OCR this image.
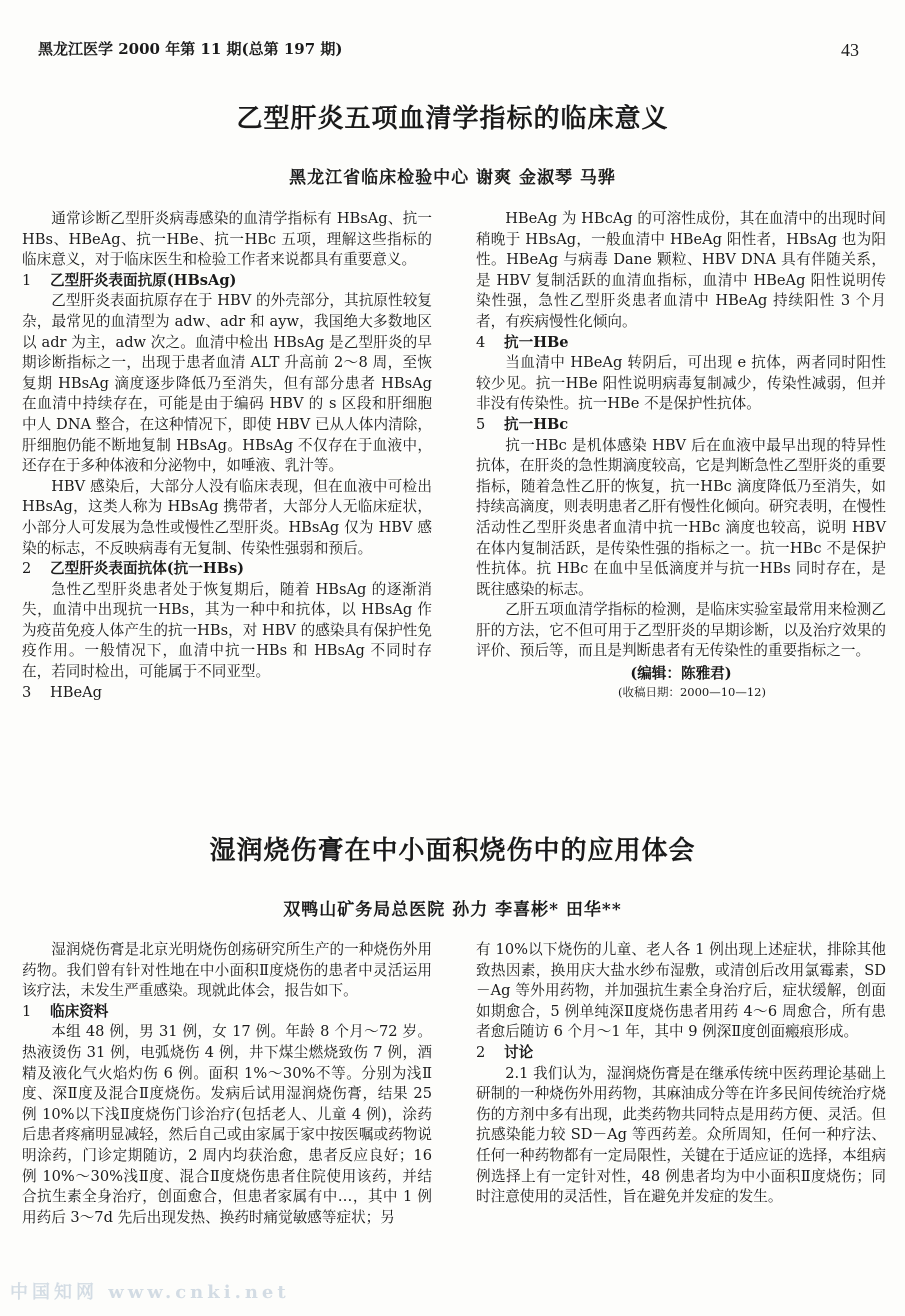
黑龙江医学 2000 年第 11 期(总第 197 期)	43
乙型肝炎五项血清学指标的临床意义
黑龙江省临床检验中心 谢爽 金淑琴 马骅

通常诊断乙型肝炎病毒感染的血清学指标有 HBsAg、抗一HBs、HBeAg、抗一HBe、抗一HBc 五项，理解这些指标的临床意义，对于临床医生和检验工作者来说都具有重要意义。

1 乙型肝炎表面抗原(HBsAg)

乙型肝炎表面抗原存在于 HBV 的外壳部分，其抗原性较复杂，最常见的血清型为 adw、adr 和 ayw，我国绝大多数地区以 adr 为主，adw 次之。血清中检出 HBsAg 是乙型肝炎的早期诊断指标之一，出现于患者血清 ALT 升高前 2～8 周，至恢复期 HBsAg 滴度逐步降低乃至消失，但有部分患者 HBsAg 在血清中持续存在，可能是由于编码 HBV 的 s 区段和肝细胞中人 DNA 整合，在这种情况下，即使 HBV 已从人体内清除，肝细胞仍能不断地复制 HBsAg。HBsAg 不仅存在于血液中，还存在于多种体液和分泌物中，如唾液、乳汁等。

HBV 感染后，大部分人没有临床表现，但在血液中可检出 HBsAg，这类人称为 HBsAg 携带者，大部分人无临床症状，小部分人可发展为急性或慢性乙型肝炎。HBsAg 仅为 HBV 感染的标志，不反映病毒有无复制、传染性强弱和预后。

2 乙型肝炎表面抗体(抗一HBs)

急性乙型肝炎患者处于恢复期后，随着 HBsAg 的逐渐消失，血清中出现抗一HBs，其为一种中和抗体，以 HBsAg 作为疫苗免疫人体产生的抗一HBs，对 HBV 的感染具有保护性免疫作用。一般情况下，血清中抗一HBs 和 HBsAg 不同时存在，若同时检出，可能属于不同亚型。

3 HBeAg

HBeAg 为 HBcAg 的可溶性成份，其在血清中的出现时间稍晚于 HBsAg，一般血清中 HBeAg 阳性者，HBsAg 也为阳性。HBeAg 与病毒 Dane 颗粒、HBV DNA 具有伴随关系，是 HBV 复制活跃的血清血指标，血清中 HBeAg 阳性说明传染性强，急性乙型肝炎患者血清中 HBeAg 持续阳性 3 个月者，有疾病慢性化倾向。

4 抗一HBe

当血清中 HBeAg 转阴后，可出现 e 抗体，两者同时阳性较少见。抗一HBe 阳性说明病毒复制减少，传染性减弱，但并非没有传染性。抗一HBe 不是保护性抗体。

5 抗一HBc

抗一HBc 是机体感染 HBV 后在血液中最早出现的特异性抗体，在肝炎的急性期滴度较高，它是判断急性乙型肝炎的重要指标，随着急性乙肝的恢复，抗一HBc 滴度降低乃至消失，如持续高滴度，则表明患者乙肝有慢性化倾向。研究表明，在慢性活动性乙型肝炎患者血清中抗一HBc 滴度也较高，说明 HBV 在体内复制活跃，是传染性强的指标之一。抗一HBc 不是保护性抗体。抗 HBc 在血中呈低滴度并与抗一HBs 同时存在，是既往感染的标志。

乙肝五项血清学指标的检测，是临床实验室最常用来检测乙肝的方法，它不但可用于乙型肝炎的早期诊断，以及治疗效果的评价、预后等，而且是判断患者有无传染性的重要指标之一。

(编辑：陈雅君)
(收稿日期：2000—10—12)
湿润烧伤膏在中小面积烧伤中的应用体会
双鸭山矿务局总医院 孙力 李喜彬* 田华**

湿润烧伤膏是北京光明烧伤创疡研究所生产的一种烧伤外用药物。我们曾有针对性地在中小面积Ⅱ度烧伤的患者中灵活运用该疗法，未发生严重感染。现就此体会，报告如下。

1 临床资料

本组 48 例，男 31 例，女 17 例。年龄 8 个月～72 岁。热液烫伤 31 例，电弧烧伤 4 例，井下煤尘燃烧致伤 7 例，酒精及液化气火焰灼伤 6 例。面积 1%～30%不等。分别为浅Ⅱ度、深Ⅱ度及混合Ⅱ度烧伤。发病后试用湿润烧伤膏，结果 25 例 10%以下浅Ⅱ度烧伤门诊治疗(包括老人、儿童 4 例)，涂药后患者疼痛明显减轻，然后自己或由家属于家中按医嘱或药物说明涂药，门诊定期随访，2 周内均获治愈，患者反应良好；16 例 10%～30%浅Ⅱ度、混合Ⅱ度烧伤患者住院使用该药，并结合抗生素全身治疗，创面愈合，但患者家属有中…，其中 1 例用药后 3～7d 先后出现发热、换药时痛觉敏感等症状；另

有 10%以下烧伤的儿童、老人各 1 例出现上述症状，排除其他致热因素，换用庆大盐水纱布湿敷，或清创后改用氯霉素，SD－Ag 等外用药物，并加强抗生素全身治疗后，症状缓解，创面如期愈合，5 例单纯深Ⅱ度烧伤患者用药 4～6 周愈合，所有患者愈后随访 6 个月～1 年，其中 9 例深Ⅱ度创面瘢痕形成。

2 讨论

2.1 我们认为，湿润烧伤膏是在继承传统中医药理论基础上研制的一种烧伤外用药物，其麻油成分等在许多民间传统治疗烧伤的方剂中多有出现，此类药物共同特点是用药方便、灵活。但抗感染能力较 SD－Ag 等西药差。众所周知，任何一种疗法、任何一种药物都有一定局限性，关键在于适应证的选择，本组病例选择上有一定针对性，48 例患者均为中小面积Ⅱ度烧伤；同时注意使用的灵活性，旨在避免并发症的发生。

中国知网 www.cnki.net
